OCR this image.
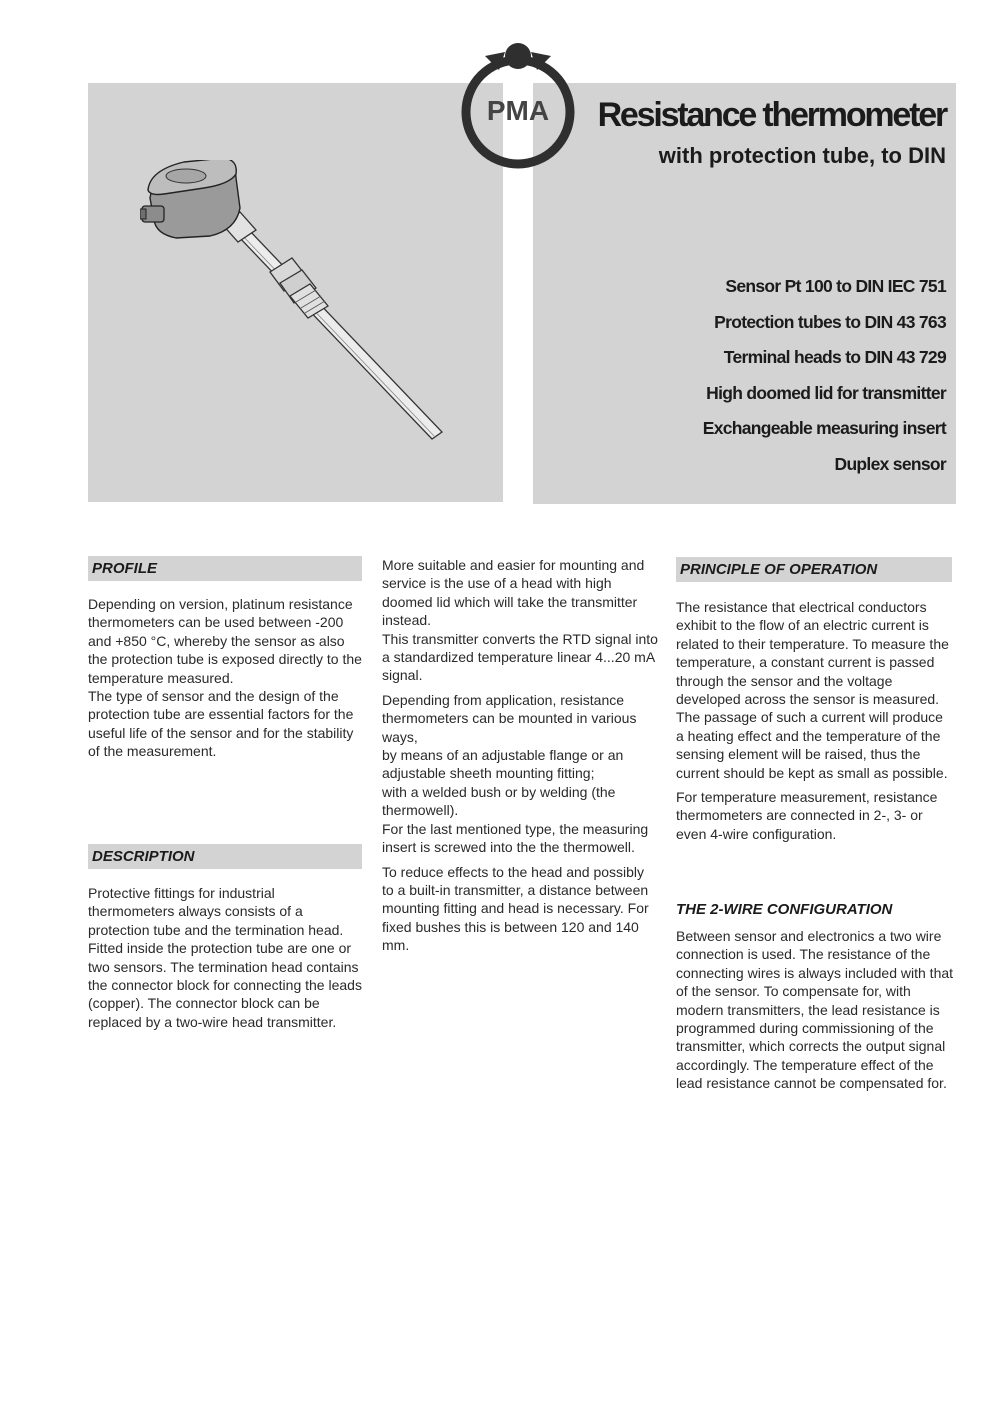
PMA Resistance thermometer
with protection tube, to DIN
Sensor Pt 100 to DIN IEC 751
Protection tubes to DIN 43 763
Terminal heads to DIN 43 729
High doomed lid for transmitter
Exchangeable measuring insert
Duplex sensor
PROFILE

Depending on version, platinum resistance thermometers can be used between -200 and +850 °C, whereby the sensor as also the protection tube is exposed directly to the temperature measured.

The type of sensor and the design of the protection tube are essential factors for the useful life of the sensor and for the stability of the measurement.

DESCRIPTION

Protective fittings for industrial thermometers always consists of a protection tube and the termination head. Fitted inside the protection tube are one or two sensors. The termination head contains the connector block for connecting the leads (copper). The connector block can be replaced by a two-wire head transmitter.

More suitable and easier for mounting and service is the use of a head with high doomed lid which will take the transmitter instead.

This transmitter converts the RTD signal into a standardized temperature linear 4...20 mA signal.

Depending from application, resistance thermometers can be mounted in various ways,

by means of an adjustable flange or an adjustable sheeth mounting fitting;

with a welded bush or by welding (the thermowell).

For the last mentioned type, the measuring insert is screwed into the the thermowell.

To reduce effects to the head and possibly to a built-in transmitter, a distance between mounting fitting and head is necessary. For fixed bushes this is between 120 and 140 mm.

PRINCIPLE OF OPERATION

The resistance that electrical conductors exhibit to the flow of an electric current is related to their temperature. To measure the temperature, a constant current is passed through the sensor and the voltage developed across the sensor is measured. The passage of such a current will produce a heating effect and the temperature of the sensing element will be raised, thus the current should be kept as small as possible.

For temperature measurement, resistance thermometers are connected in 2-, 3- or even 4-wire configuration.

THE 2-WIRE CONFIGURATION

Between sensor and electronics a two wire connection is used. The resistance of the connecting wires is always included with that of the sensor. To compensate for, with modern transmitters, the lead resistance is programmed during commissioning of the transmitter, which corrects the output signal accordingly. The temperature effect of the lead resistance cannot be compensated for.
